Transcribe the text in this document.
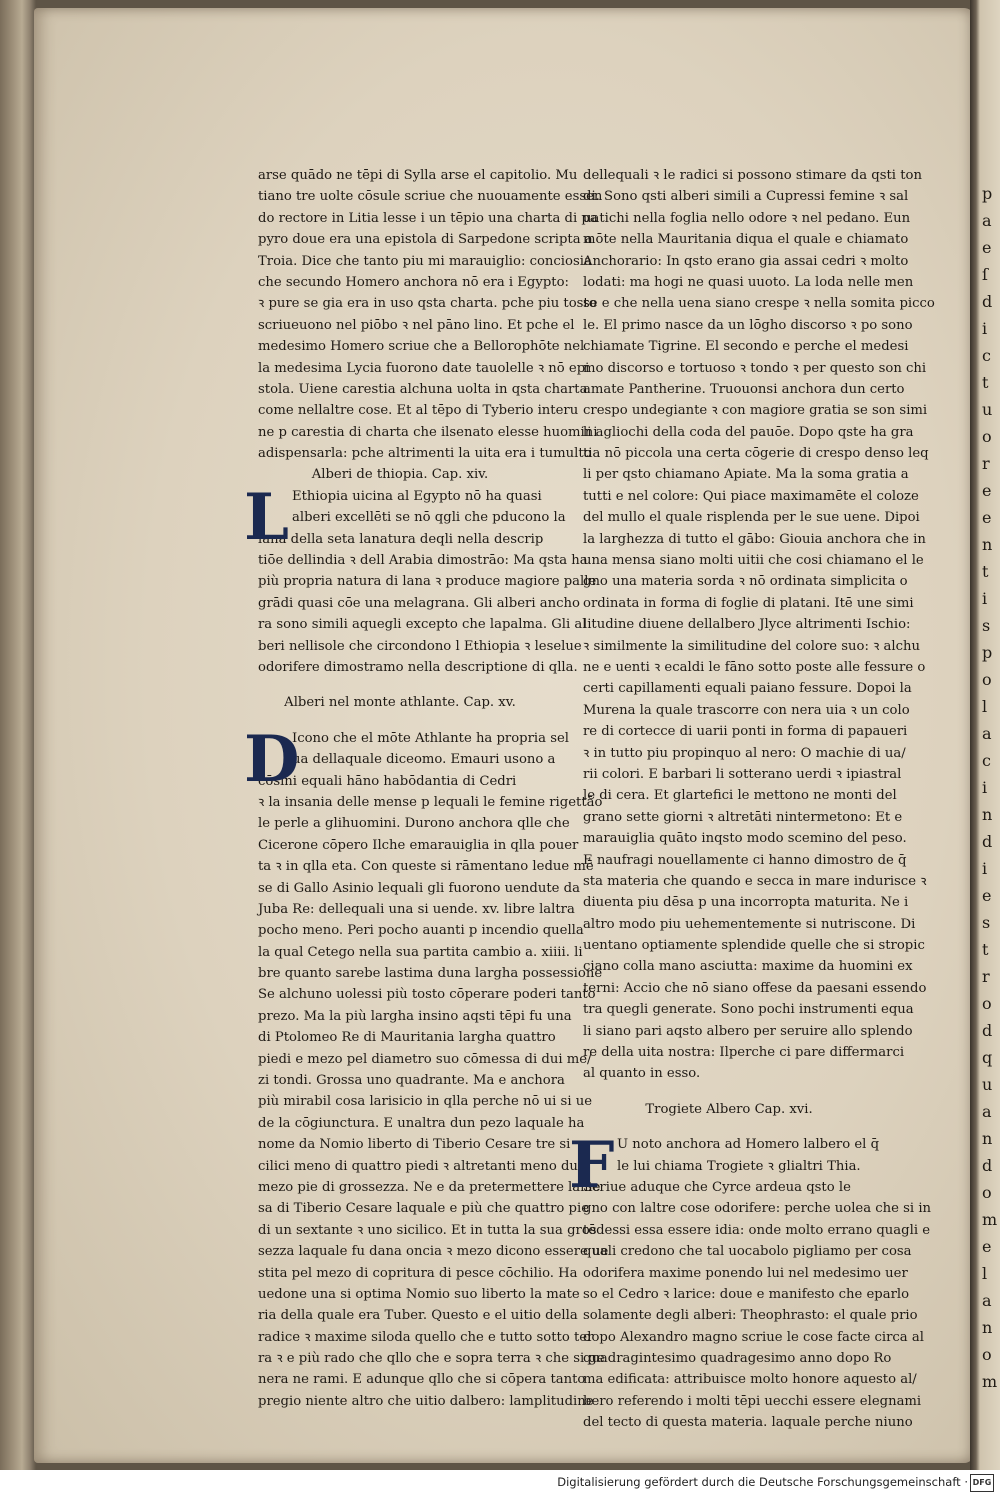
p
a
e
ſ
d
i
c
t
u
o
r
e
e
n
t
i
s
p
o
l
a
c
i
n
d
i
e
s
t
r
o
d
q
u
a
n
d
o
m
e
l
a
n
o
m
arse quādo ne tēpi di Sylla arse el capitolio. Mu
tiano tre uolte cōsule scriue che nuouamente essen
do rectore in Litia lesse i un tēpio una charta di pa
pyro doue era una epistola di Sarpedone scripta a
Troia. Dice che tanto piu mi marauiglio: conciosia
che secundo Homero anchora nō era i Egypto:
ꝛ pure se gia era in uso qsta charta. pche piu tosto
scriueuono nel piōbo ꝛ nel pāno lino. Et pche el
medesimo Homero scriue che a Bellorophōte nel
la medesima Lycia fuorono date tauolelle ꝛ nō epi
stola. Uiene carestia alchuna uolta in qsta charta
come nellaltre cose. Et al tēpo di Tyberio interu
ne p carestia di charta che ilsenato elesse huomini
adispensarla: pche altrimenti la uita era i tumulto
Alberi de thiopia. Cap. xiv.
L Ethiopia uicina al Egypto nō ha quasi
alberi excellēti se nō qgli che pducono la
lana della seta lanatura deqli nella descrip
tiōe dellindia ꝛ dell Arabia dimostrāo: Ma qsta ha
più propria natura di lana ꝛ produce magiore palle
grādi quasi cōe una melagrana. Gli alberi ancho
ra sono simili aquegli excepto che lapalma. Gli al
beri nellisole che circondono l Ethiopia ꝛ leselue
odorifere dimostramo nella descriptione di qlla.
Alberi nel monte athlante. Cap. xv.
D
Icono che el mōte Athlante ha propria sel
ua dellaquale diceomo. Emauri usono a
cōsini equali hāno habōdantia di Cedri
ꝛ la insania delle mense p lequali le femine rigettāo
le perle a glihuomini. Durono anchora qlle che
Cicerone cōpero Ilche emarauiglia in qlla pouer
ta ꝛ in qlla eta. Con queste si rāmentano ledue mē
se di Gallo Asinio lequali gli fuorono uendute da
Juba Re: dellequali una si uende. xv. libre laltra
pocho meno. Peri pocho auanti p incendio quella
la qual Cetego nella sua partita cambio a. xiiii. li
bre quanto sarebe lastima duna largha possessione
Se alchuno uolessi più tosto cōperare poderi tanto
prezo. Ma la più largha insino aqsti tēpi fu una
di Ptolomeo Re di Mauritania largha quattro
piedi e mezo pel diametro suo cōmessa di dui me/
zi tondi. Grossa uno quadrante. Ma e anchora
più mirabil cosa larisicio in qlla perche nō ui si ue
de la cōgiunctura. E unaltra dun pezo laquale ha
nome da Nomio liberto di Tiberio Cesare tre si
cilici meno di quattro piedi ꝛ altretanti meno dun
mezo pie di grossezza. Ne e da pretermettere lame
sa di Tiberio Cesare laquale e più che quattro pie
di un sextante ꝛ uno sicilico. Et in tutta la sua gros
sezza laquale fu dana oncia ꝛ mezo dicono essere ue
stita pel mezo di copritura di pesce cōchilio. Ha
uedone una si optima Nomio suo liberto la mate
ria della quale era Tuber. Questo e el uitio della
radice ꝛ maxime siloda quello che e tutto sotto ter
ra ꝛ e più rado che qllo che e sopra terra ꝛ che si ge
nera ne rami. E adunque qllo che si cōpera tanto
pregio niente altro che uitio dalbero: lamplitudine
dellequali ꝛ le radici si possono stimare da qsti ton
di. Sono qsti alberi simili a Cupressi femine ꝛ sal
uatichi nella foglia nello odore ꝛ nel pedano. Eun
mōte nella Mauritania diqua el quale e chiamato
Anchorario: In qsto erano gia assai cedri ꝛ molto
lodati: ma hogi ne quasi uuoto. La loda nelle men
se e che nella uena siano crespe ꝛ nella somita picco
le. El primo nasce da un lōgho discorso ꝛ po sono
chiamate Tigrine. El secondo e perche el medesi
mo discorso e tortuoso ꝛ tondo ꝛ per questo son chi
amate Pantherine. Truouonsi anchora dun certo
crespo undegiante ꝛ con magiore gratia se son simi
li agliochi della coda del pauōe. Dopo qste ha gra
tia nō piccola una certa cōgerie di crespo denso leq
li per qsto chiamano Apiate. Ma la soma gratia a
tutti e nel colore: Qui piace maximamēte el coloze
del mullo el quale risplenda per le sue uene. Dipoi
la larghezza di tutto el gābo: Giouia anchora che in
una mensa siano molti uitii che cosi chiamano el le
gno una materia sorda ꝛ nō ordinata simplicita o
ordinata in forma di foglie di platani. Itē une simi
litudine diuene dellalbero Jlyce altrimenti Ischio:
ꝛ similmente la similitudine del colore suo: ꝛ alchu
ne e uenti ꝛ ecaldi le fāno sotto poste alle fessure o
certi capillamenti equali paiano fessure. Dopoi la
Murena la quale trascorre con nera uia ꝛ un colo
re di cortecce di uarii ponti in forma di papaueri
ꝛ in tutto piu propinquo al nero: O machie di ua/
rii colori. E barbari li sotterano uerdi ꝛ ipiastral
le di cera. Et glartefici le mettono ne monti del
grano sette giorni ꝛ altretāti nintermetono: Et e
marauiglia quāto inqsto modo scemino del peso.
E naufragi nouellamente ci hanno dimostro de q̄
sta materia che quando e secca in mare indurisce ꝛ
diuenta piu dēsa p una incorropta maturita. Ne i
altro modo piu uehementemente si nutriscone. Di
uentano optiamente splendide quelle che si stropic
ciano colla mano asciutta: maxime da huomini ex
terni: Accio che nō siano offese da paesani essendo
tra quegli generate. Sono pochi instrumenti equa
li siano pari aqsto albero per seruire allo splendo
re della uita nostra: Ilperche ci pare differmarci
al quanto in esso.
Trogiete Albero Cap. xvi.
F U noto anchora ad Homero lalbero el q̄
le lui chiama Trogiete ꝛ glialtri Thia.
Scriue aduque che Cyrce ardeua qsto le
gno con laltre cose odorifere: perche uolea che si in
tēdessi essa essere idia: onde molto errano quagli e
quali credono che tal uocabolo pigliamo per cosa
odorifera maxime ponendo lui nel medesimo uer
so el Cedro ꝛ larice: doue e manifesto che eparlo
solamente degli alberi: Theophrasto: el quale prio
dopo Alexandro magno scriue le cose facte circa al
quadragintesimo quadragesimo anno dopo Ro
ma edificata: attribuisce molto honore aquesto al/
bero referendo i molti tēpi uecchi essere elegnami
del tecto di questa materia. laquale perche niuno
Digitalisierung gefördert durch die Deutsche Forschungsgemeinschaft · DFG
